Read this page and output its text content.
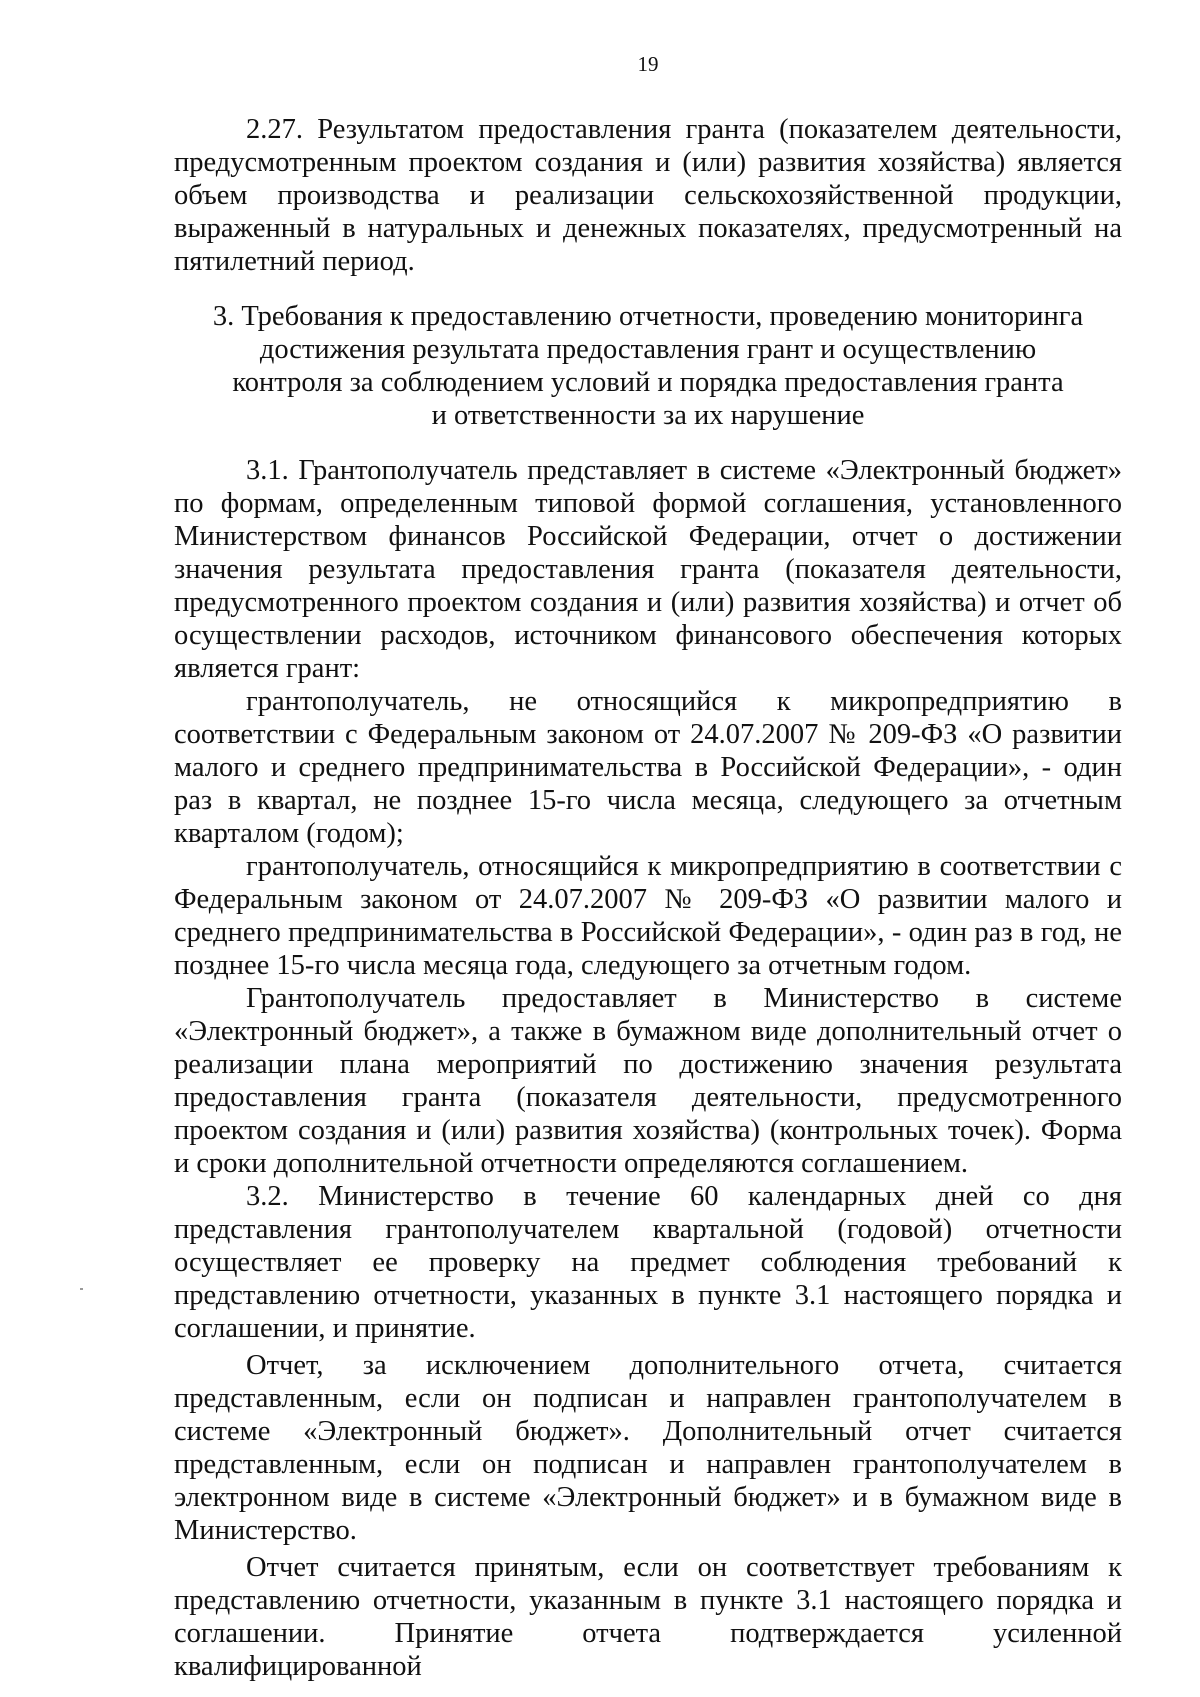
19

2.27. Результатом предоставления гранта (показателем деятельности, предусмотренным проектом создания и (или) развития хозяйства) является объем производства и реализации сельскохозяйственной продукции, выраженный в натуральных и денежных показателях, предусмотренный на пятилетний период.

3. Требования к предоставлению отчетности, проведению мониторинга
достижения результата предоставления грант и осуществлению
контроля за соблюдением условий и порядка предоставления гранта
и ответственности за их нарушение

3.1. Грантополучатель представляет в системе «Электронный бюджет» по формам, определенным типовой формой соглашения, установленного Министерством финансов Российской Федерации, отчет о достижении значения результата предоставления гранта (показателя деятельности, предусмотренного проектом создания и (или) развития хозяйства) и отчет об осуществлении расходов, источником финансового обеспечения которых является грант:

грантополучатель, не относящийся к микропредприятию в соответствии с Федеральным законом от 24.07.2007 № 209-ФЗ «О развитии малого и среднего предпринимательства в Российской Федерации», - один раз в квартал, не позднее 15-го числа месяца, следующего за отчетным кварталом (годом);

грантополучатель, относящийся к микропредприятию в соответствии с Федеральным законом от 24.07.2007 № 209-ФЗ «О развитии малого и среднего предпринимательства в Российской Федерации», - один раз в год, не позднее 15-го числа месяца года, следующего за отчетным годом.

Грантополучатель предоставляет в Министерство в системе «Электронный бюджет», а также в бумажном виде дополнительный отчет о реализации плана мероприятий по достижению значения результата предоставления гранта (показателя деятельности, предусмотренного проектом создания и (или) развития хозяйства) (контрольных точек). Форма и сроки дополнительной отчетности определяются соглашением.

3.2. Министерство в течение 60 календарных дней со дня представления грантополучателем квартальной (годовой) отчетности осуществляет ее проверку на предмет соблюдения требований к представлению отчетности, указанных в пункте 3.1 настоящего порядка и соглашении, и принятие.

Отчет, за исключением дополнительного отчета, считается представленным, если он подписан и направлен грантополучателем в системе «Электронный бюджет». Дополнительный отчет считается представленным, если он подписан и направлен грантополучателем в электронном виде в системе «Электронный бюджет» и в бумажном виде в Министерство.

Отчет считается принятым, если он соответствует требованиям к представлению отчетности, указанным в пункте 3.1 настоящего порядка и соглашении. Принятие отчета подтверждается усиленной квалифицированной
